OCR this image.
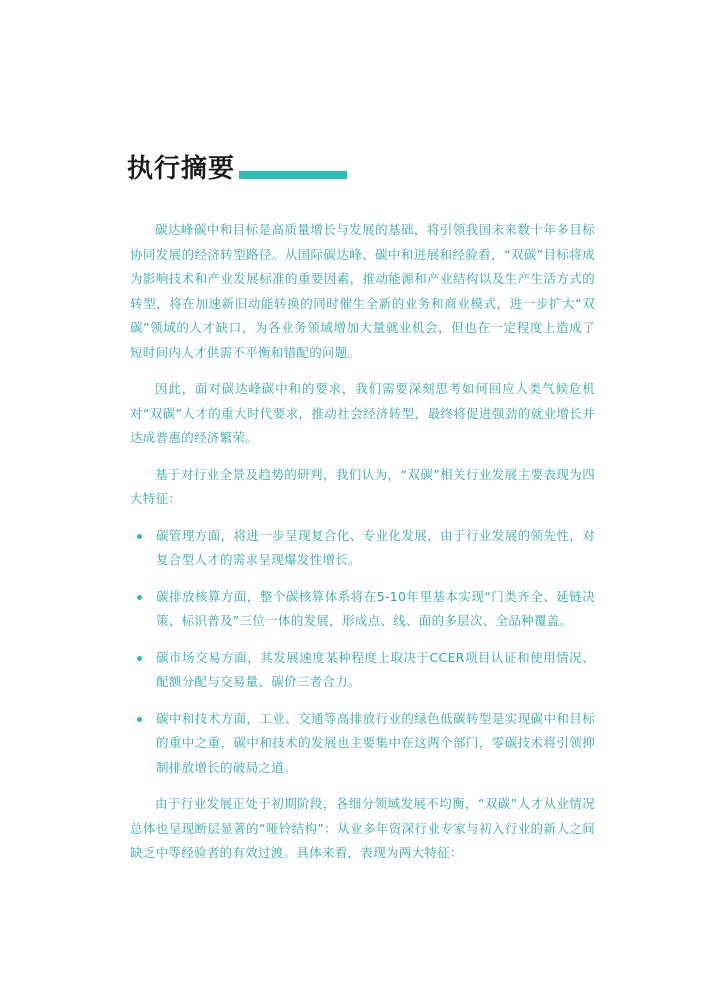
执行摘要

碳达峰碳中和目标是高质量增长与发展的基础，将引领我国未来数十年多目标协同发展的经济转型路径。从国际碳达峰、碳中和进展和经验看，“双碳”目标将成为影响技术和产业发展标准的重要因素，推动能源和产业结构以及生产生活方式的转型，将在加速新旧动能转换的同时催生全新的业务和商业模式，进一步扩大“双碳”领域的人才缺口，为各业务领域增加大量就业机会，但也在一定程度上造成了短时间内人才供需不平衡和错配的问题。

因此，面对碳达峰碳中和的要求，我们需要深刻思考如何回应人类气候危机对“双碳”人才的重大时代要求，推动社会经济转型，最终将促进强劲的就业增长并达成普惠的经济繁荣。

基于对行业全景及趋势的研判，我们认为，“双碳”相关行业发展主要表现为四大特征：

碳管理方面，将进一步呈现复合化、专业化发展，由于行业发展的领先性，对复合型人才的需求呈现爆发性增长。
碳排放核算方面，整个碳核算体系将在5-10年里基本实现“门类齐全、延链决策、标识普及”三位一体的发展，形成点、线、面的多层次、全品种覆盖。
碳市场交易方面，其发展速度某种程度上取决于CCER项目认证和使用情况、配额分配与交易量、碳价三者合力。
碳中和技术方面，工业、交通等高排放行业的绿色低碳转型是实现碳中和目标的重中之重，碳中和技术的发展也主要集中在这两个部门，零碳技术将引领抑制排放增长的破局之道。

由于行业发展正处于初期阶段，各细分领域发展不均衡，“双碳”人才从业情况总体也呈现断层显著的“哑铃结构”：从业多年资深行业专家与初入行业的新人之间缺乏中等经验者的有效过渡。具体来看，表现为两大特征：
